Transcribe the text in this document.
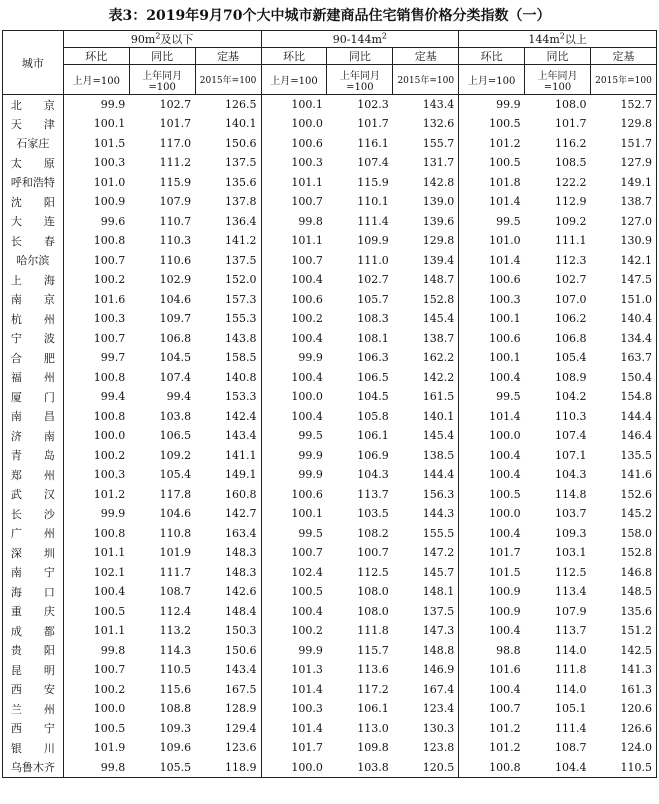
表3：2019年9月70个大中城市新建商品住宅销售价格分类指数（一）
城市	$90m^2$及以下			$90-144m^2$			$144m^2$以上		
	环比	同比	定基	环比	同比	定基	环比	同比	定基
	上月=100	上年同月=100	2015年=100	上月=100	上年同月=100	2015年=100	上月=100	上年同月=100	2015年=100
北　　京	99.9	102.7	126.5	100.1	102.3	143.4	99.9	108.0	152.7
天　　津	100.1	101.7	140.1	100.0	101.7	132.6	100.5	101.7	129.8
石家庄	101.5	117.0	150.6	100.6	116.1	155.7	101.2	116.2	151.7
太　　原	100.3	111.2	137.5	100.3	107.4	131.7	100.5	108.5	127.9
呼和浩特	101.0	115.9	135.6	101.1	115.9	142.8	101.8	122.2	149.1
沈　　阳	100.9	107.9	137.8	100.7	110.1	139.0	101.4	112.9	138.7
大　　连	99.6	110.7	136.4	99.8	111.4	139.6	99.5	109.2	127.0
长　　春	100.8	110.3	141.2	101.1	109.9	129.8	101.0	111.1	130.9
哈尔滨	100.7	110.6	137.5	100.7	111.0	139.4	101.4	112.3	142.1
上　　海	100.2	102.9	152.0	100.4	102.7	148.7	100.6	102.7	147.5
南　　京	101.6	104.6	157.3	100.6	105.7	152.8	100.3	107.0	151.0
杭　　州	100.3	109.7	155.3	100.2	108.3	145.4	100.1	106.2	140.4
宁　　波	100.7	106.8	143.8	100.4	108.1	138.7	100.6	106.8	134.4
合　　肥	99.7	104.5	158.5	99.9	106.3	162.2	100.1	105.4	163.7
福　　州	100.8	107.4	140.8	100.4	106.5	142.2	100.4	108.9	150.4
厦　　门	99.4	99.4	153.3	100.0	104.5	161.5	99.5	104.2	154.8
南　　昌	100.8	103.8	142.4	100.4	105.8	140.1	101.4	110.3	144.4
济　　南	100.0	106.5	143.4	99.5	106.1	145.4	100.0	107.4	146.4
青　　岛	100.2	109.2	141.1	99.9	106.9	138.5	100.4	107.1	135.5
郑　　州	100.3	105.4	149.1	99.9	104.3	144.4	100.4	104.3	141.6
武　　汉	101.2	117.8	160.8	100.6	113.7	156.3	100.5	114.8	152.6
长　　沙	99.9	104.6	142.7	100.1	103.5	144.3	100.0	103.7	145.2
广　　州	100.8	110.8	163.4	99.5	108.2	155.5	100.4	109.3	158.0
深　　圳	101.1	101.9	148.3	100.7	100.7	147.2	101.7	103.1	152.8
南　　宁	102.1	111.7	148.3	102.4	112.5	145.7	101.5	112.5	146.8
海　　口	100.4	108.7	142.6	100.5	108.0	148.1	100.9	113.4	148.5
重　　庆	100.5	112.4	148.4	100.4	108.0	137.5	100.9	107.9	135.6
成　　都	101.1	113.2	150.3	100.2	111.8	147.3	100.4	113.7	151.2
贵　　阳	99.8	114.3	150.6	99.9	115.7	148.8	98.8	114.0	142.5
昆　　明	100.7	110.5	143.4	101.3	113.6	146.9	101.6	111.8	141.3
西　　安	100.2	115.6	167.5	101.4	117.2	167.4	100.4	114.0	161.3
兰　　州	100.0	108.8	128.9	100.3	106.1	123.4	100.7	105.1	120.6
西　　宁	100.5	109.3	129.4	101.4	113.0	130.3	101.2	111.4	126.6
银　　川	101.9	109.6	123.6	101.7	109.8	123.8	101.2	108.7	124.0
乌鲁木齐	99.8	105.5	118.9	100.0	103.8	120.5	100.8	104.4	110.5
